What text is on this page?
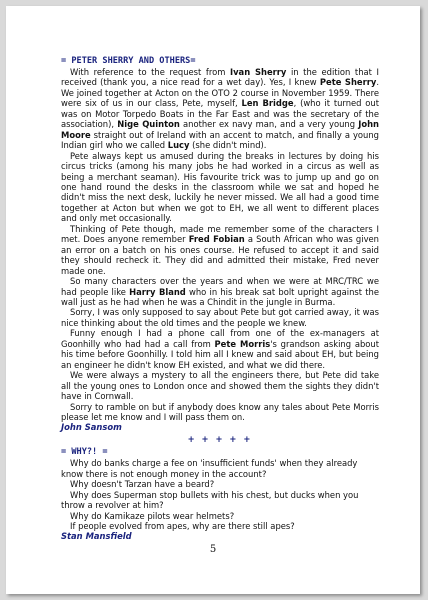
= PETER SHERRY AND OTHERS=

With reference to the request from Ivan Sherry in the edition that I received (thank you, a nice read for a wet day). Yes, I knew Pete Sherry. We joined together at Acton on the OTO 2 course in November 1959. There were six of us in our class, Pete, myself, Len Bridge, (who it turned out was on Motor Torpedo Boats in the Far East and was the secretary of the association), Nige Quinton another ex navy man, and a very young John Moore straight out of Ireland with an accent to match, and finally a young Indian girl who we called Lucy (she didn't mind).

Pete always kept us amused during the breaks in lectures by doing his circus tricks (among his many jobs he had worked in a circus as well as being a merchant seaman). His favourite trick was to jump up and go on one hand round the desks in the classroom while we sat and hoped he didn't miss the next desk, luckily he never missed. We all had a good time together at Acton but when we got to EH, we all went to different places and only met occasionally.

Thinking of Pete though, made me remember some of the characters I met. Does anyone remember Fred Fobian a South African who was given an error on a batch on his ones course. He refused to accept it and said they should recheck it. They did and admitted their mistake, Fred never made one.

So many characters over the years and when we were at MRC/TRC we had people like Harry Bland who in his break sat bolt upright against the wall just as he had when he was a Chindit in the jungle in Burma.

Sorry, I was only supposed to say about Pete but got carried away, it was nice thinking about the old times and the people we knew.

Funny enough I had a phone call from one of the ex-managers at Goonhilly who had had a call from Pete Morris's grandson asking about his time before Goonhilly. I told him all I knew and said about EH, but being an engineer he didn't know EH existed, and what we did there.

We were always a mystery to all the engineers there, but Pete did take all the young ones to London once and showed them the sights they didn't have in Cornwall.

Sorry to ramble on but if anybody does know any tales about Pete Morris please let me know and I will pass them on.

John Sansom

+ + + + +

= WHY?! =

Why do banks charge a fee on 'insufficient funds' when they already know there is not enough money in the account?

Why doesn't Tarzan have a beard?

Why does Superman stop bullets with his chest, but ducks when you throw a revolver at him?

Why do Kamikaze pilots wear helmets?

If people evolved from apes, why are there still apes?

Stan Mansfield

5
